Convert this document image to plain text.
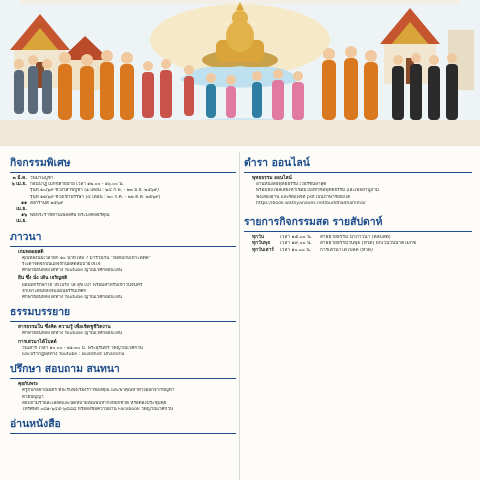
กิจกรรมพิเศษ
๓ มี.ค. วันมาฆบูชา
๖ เม.ย. ก่อนปาฏิโมกข์สาธยาย เวลา ๑๒.๐๐ - ๑๖.๐๐ น.
รุ่นที่ ๑๐/๖๙ ช่วงวิสาขบูชา (๑ เดือน : ๒๔ ก.พ. - ๒๓ มี.ย. ๒๕๖๙)
รุ่นที่ ๑๑/๖๙ ช่วงเข้าพรรษา (๔ เดือน : ๒๐ ก.ค. - ๒๒ ต.ค. ๒๕๖๙)
๑๑ เม.ย.
สงกรานต์ ๒๕๖๙
๑๖ เม.ย.
พิธีพระราชทานเพลิงศพ พระมงคลธีรคุณ
ภาวนา
เกมพลอยสติ
คุณทองนมีเวลาฝึก ๑๐ นาทีไหม ? มาร่วมกัน “สงคมกมเหาะดีดดี”
ระเด้าจดจกบนแผ่จรกนผีสดีสมบายใจไจ
ศึกษาย้อนหลังได้ทาง Youtube ญาณเวศก์ออนไลน์
ยืน ซึ่ง นั่ง เดิน เจริญสติ
ผ่อนพักรักษาใจ ให้โปร่ง ใส สุข เบา พร้อมสำหรับเข้าวันจันทร์
จำเพาะฝันหลังจบแผนธรรมเทศก์
ศึกษาย้อนหลังได้ทาง Youtube ญาณเวศก์ออนไลน์
ธรรมบรรยาย
สารธรรมใน ซึ่งคิด ความรู้ เพื่อเชิดชูชีวิตงาน
ศึกษาย้อนหลังได้ทาง Youtube ญาณเวศก์ออนไลน์
การเสวนาได้โบลด์
วันเสาร์ เวลา ๑๐.๐๐ - ๑๑.๓๐ น. พระอุรินทร์ วัดญาณเวศกวัน
และปรากฎผลทาง Youtube : Buddhist Dhamma
ปรึกษา สอบถาม สนทนา
คุยกับพระ
ครูกับกัลยาณมิตร ที่จะรับฟังเรื่องราวของคุณ และพาคุณหาทางออกจากปัญหา
ด้วยปัญญา
สอบถามรายละเอียดและนัดหมายเพิ่มพบหากังหยกชีวิต หรือต้องประชุมคุย
โทรศัพท์ ๐๘๑-๖๔๕-๖๔๘๘ หรือส่งข้อความผ่าน Facebook วัดญาณเวศกวัน
อ่านหนังสือ
ตำรา ออนไลน์
พุทธธรรม ออนไลน์
อ่านหนังสือพุทธธรรม เวอร์ชั่นล่าสุด
พร้อมฟังไฟล์เสียงหาเชื่อมโยงหัวข้อพุทธธรรม และเพจย่านูถาม
ฟังเสียงอ่าน และซิพเพจที่ pdf เป็นภาษาชั่งยังได้
https://book.watnyanaves.net/buddhadhamma/
รายการกิจกรรมสด รายสัปดาห์
ทุกวัน	เวลา ๑๕.๐๐ น.	สาธยายธรรม นำภาวนา (คลับสติ)
ทุกวันพุธ	เวลา ๑๙.๐๐ น.	สาธยายธรรมวันพุธ (ทีวีด) ยกเว้นวันปาติโมกข์
ทุกวันเสาร์	เวลา ๑๐.๐๐ น.	การเสวนาได้โบลด์ (ทีวีด)
